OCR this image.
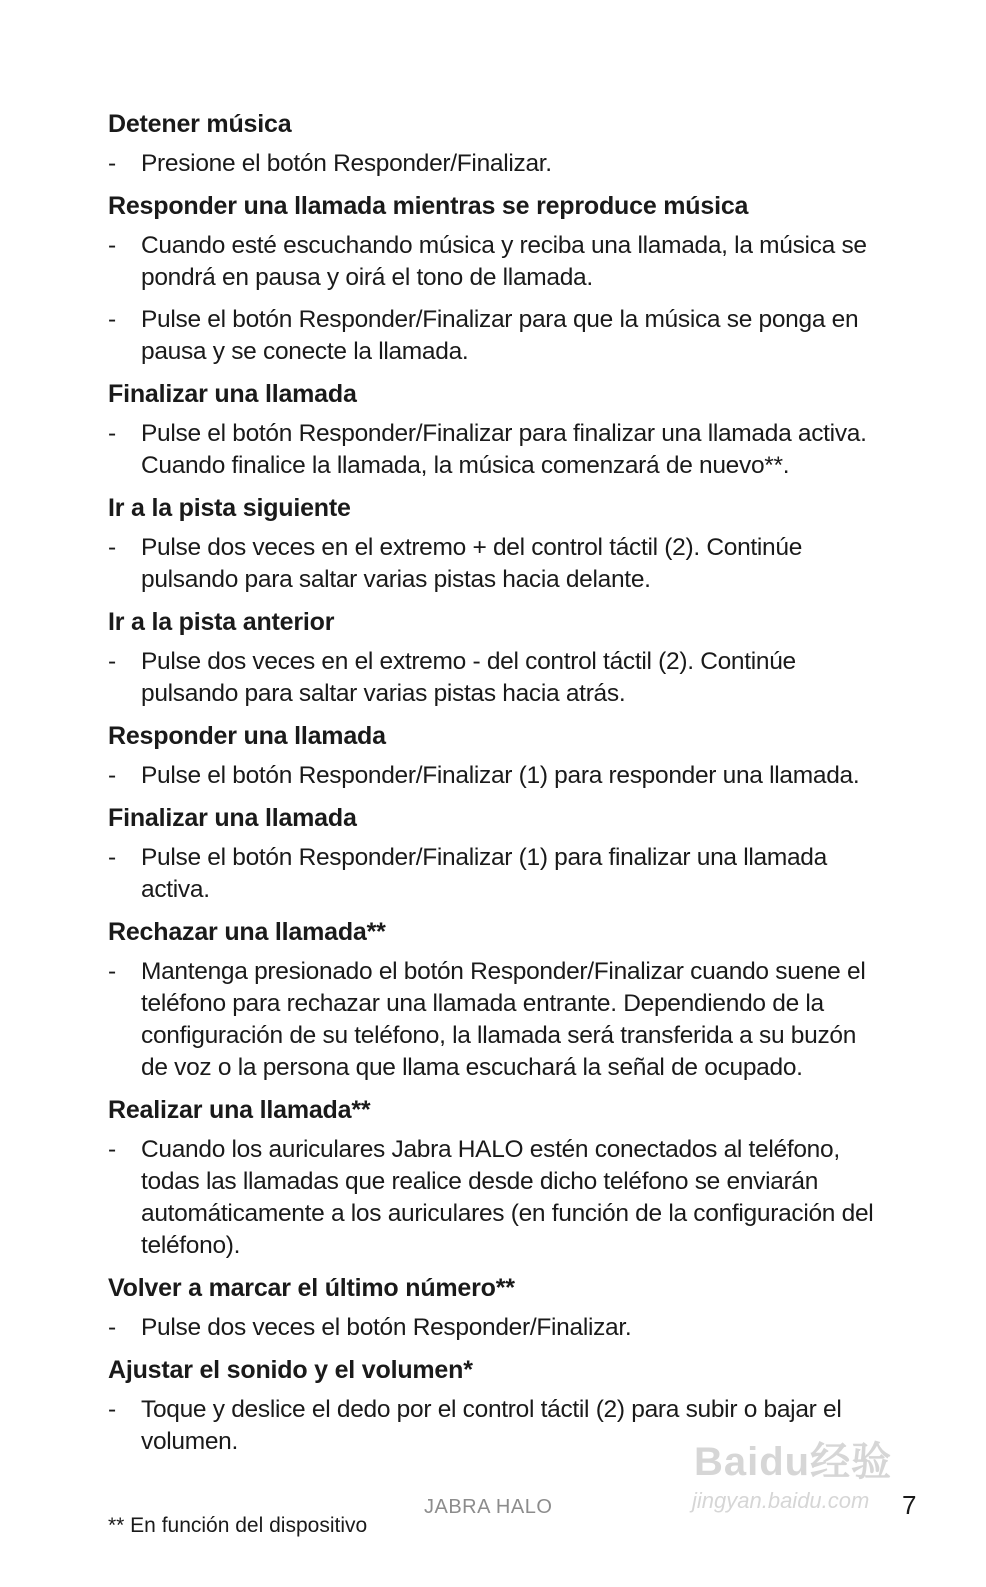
Detener música
- Presione el botón Responder/Finalizar.
Responder una llamada mientras se reproduce música
- Cuando esté escuchando música y reciba una llamada, la música se pondrá en pausa y oirá el tono de llamada.
- Pulse el botón Responder/Finalizar para que la música se ponga en pausa y se conecte la llamada.
Finalizar una llamada
- Pulse el botón Responder/Finalizar para finalizar una llamada activa. Cuando finalice la llamada, la música comenzará de nuevo**.
Ir a la pista siguiente
- Pulse dos veces en el extremo + del control táctil (2). Continúe pulsando para saltar varias pistas hacia delante.
Ir a la pista anterior
- Pulse dos veces en el extremo - del control táctil (2). Continúe pulsando para saltar varias pistas hacia atrás.
Responder una llamada
- Pulse el botón Responder/Finalizar (1) para responder una llamada.
Finalizar una llamada
- Pulse el botón Responder/Finalizar (1) para finalizar una llamada activa.
Rechazar una llamada**
- Mantenga presionado el botón Responder/Finalizar cuando suene el teléfono para rechazar una llamada entrante. Dependiendo de la configuración de su teléfono, la llamada será transferida a su buzón de voz o la persona que llama escuchará la señal de ocupado.
Realizar una llamada**
- Cuando los auriculares Jabra HALO estén conectados al teléfono, todas las llamadas que realice desde dicho teléfono se enviarán automáticamente a los auriculares (en función de la configuración del teléfono).
Volver a marcar el último número**
- Pulse dos veces el botón Responder/Finalizar.
Ajustar el sonido y el volumen*
- Toque y deslice el dedo por el control táctil (2) para subir o bajar el volumen.
** En función del dispositivo
JABRA HALO	7
Baidu经验
jingyan.baidu.com
